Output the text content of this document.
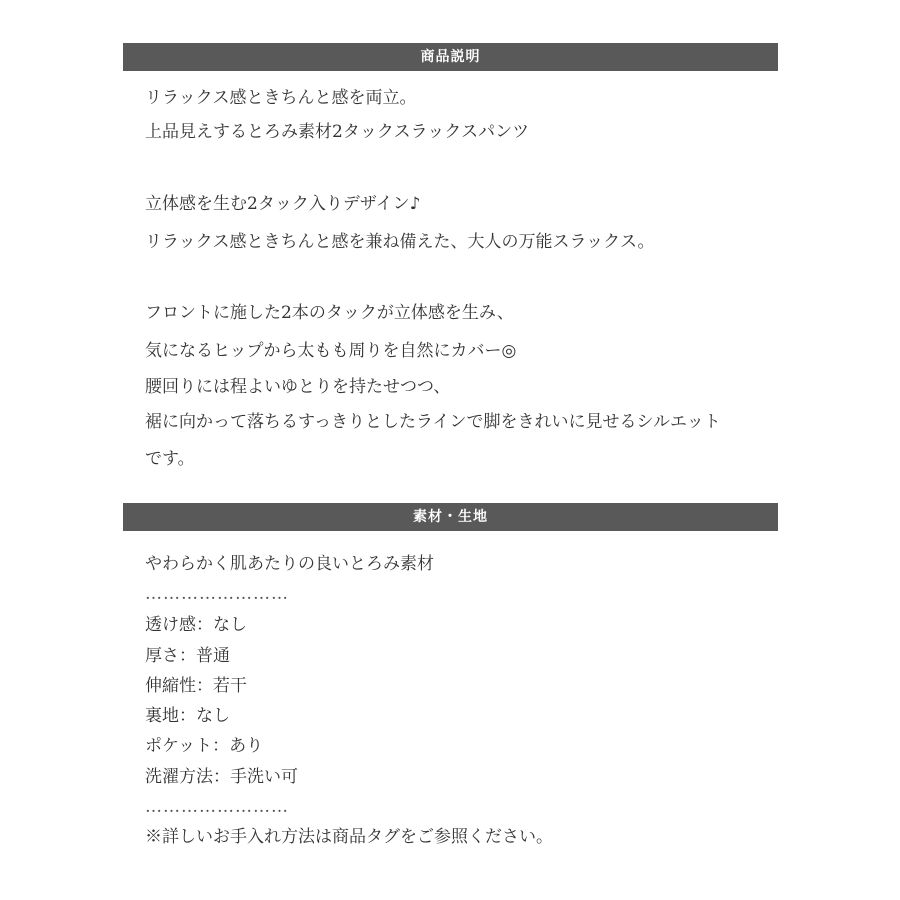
商品説明
リラックス感ときちんと感を両立。
上品見えするとろみ素材2タックスラックスパンツ
立体感を生む2タック入りデザイン♪
リラックス感ときちんと感を兼ね備えた、大人の万能スラックス。
フロントに施した2本のタックが立体感を生み、
気になるヒップから太もも周りを自然にカバー◎
腰回りには程よいゆとりを持たせつつ、
裾に向かって落ちるすっきりとしたラインで脚をきれいに見せるシルエット
です。
素材・生地
やわらかく肌あたりの良いとろみ素材
……………………
透け感：なし
厚さ：普通
伸縮性：若干
裏地：なし
ポケット：あり
洗濯方法：手洗い可
……………………
※詳しいお手入れ方法は商品タグをご参照ください。
